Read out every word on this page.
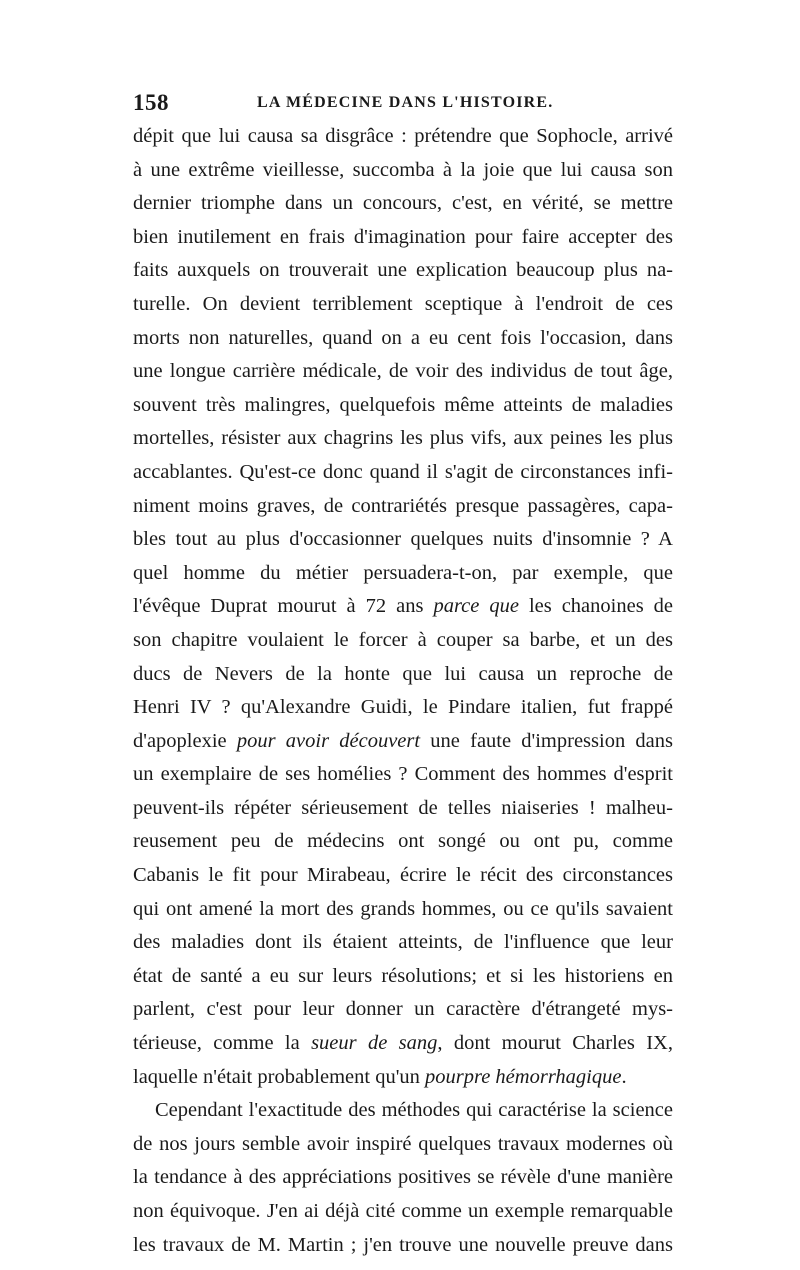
158	LA MÉDECINE DANS L'HISTOIRE.
dépit que lui causa sa disgrâce : prétendre que Sophocle, arrivé
à une extrême vieillesse, succomba à la joie que lui causa son
dernier triomphe dans un concours, c'est, en vérité, se mettre
bien inutilement en frais d'imagination pour faire accepter des
faits auxquels on trouverait une explication beaucoup plus na-
turelle. On devient terriblement sceptique à l'endroit de ces
morts non naturelles, quand on a eu cent fois l'occasion, dans
une longue carrière médicale, de voir des individus de tout âge,
souvent très malingres, quelquefois même atteints de maladies
mortelles, résister aux chagrins les plus vifs, aux peines les plus
accablantes. Qu'est-ce donc quand il s'agit de circonstances infi-
niment moins graves, de contrariétés presque passagères, capa-
bles tout au plus d'occasionner quelques nuits d'insomnie ? A
quel homme du métier persuadera-t-on, par exemple, que
l'évêque Duprat mourut à 72 ans parce que les chanoines de
son chapitre voulaient le forcer à couper sa barbe, et un des
ducs de Nevers de la honte que lui causa un reproche de
Henri IV ? qu'Alexandre Guidi, le Pindare italien, fut frappé
d'apoplexie pour avoir découvert une faute d'impression dans
un exemplaire de ses homélies ? Comment des hommes d'esprit
peuvent-ils répéter sérieusement de telles niaiseries ! malheu-
reusement peu de médecins ont songé ou ont pu, comme
Cabanis le fit pour Mirabeau, écrire le récit des circonstances
qui ont amené la mort des grands hommes, ou ce qu'ils savaient
des maladies dont ils étaient atteints, de l'influence que leur
état de santé a eu sur leurs résolutions; et si les historiens en
parlent, c'est pour leur donner un caractère d'étrangeté mys-
térieuse, comme la sueur de sang, dont mourut Charles IX,
laquelle n'était probablement qu'un pourpre hémorrhagique.
Cependant l'exactitude des méthodes qui caractérise la science
de nos jours semble avoir inspiré quelques travaux modernes où
la tendance à des appréciations positives se révèle d'une manière
non équivoque. J'en ai déjà cité comme un exemple remarquable
les travaux de M. Martin ; j'en trouve une nouvelle preuve dans
